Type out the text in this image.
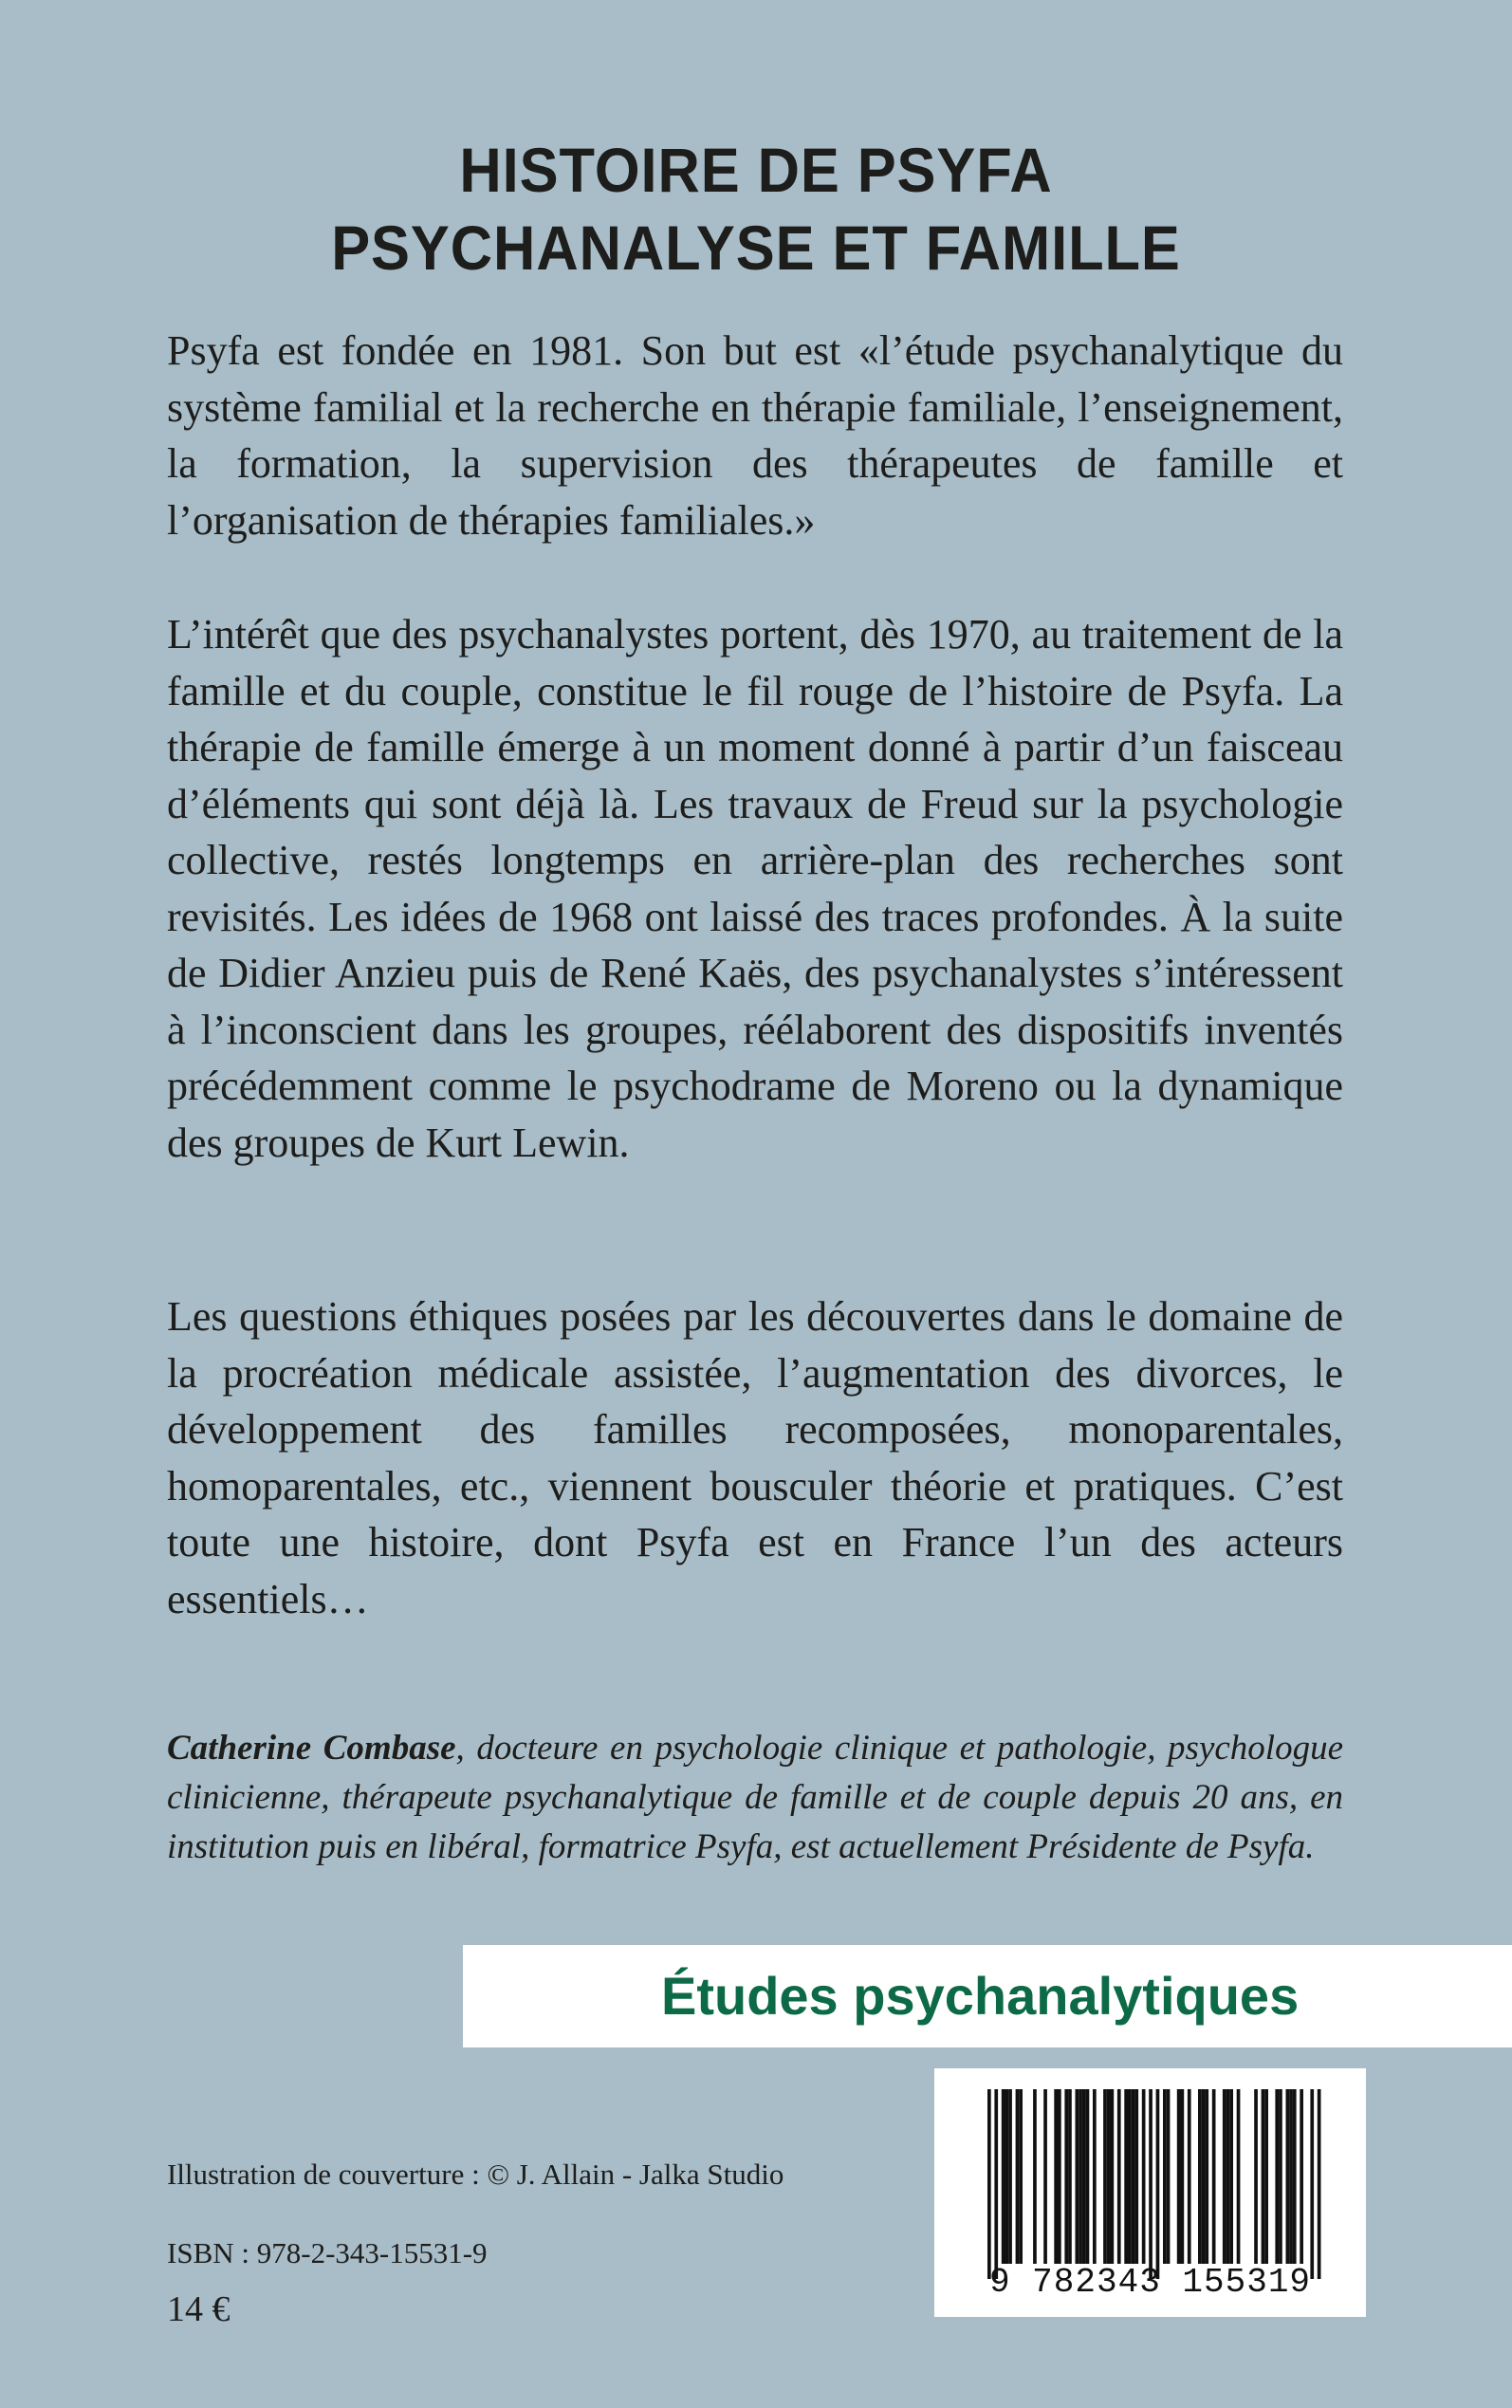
HISTOIRE DE PSYFA
PSYCHANALYSE ET FAMILLE

Psyfa est fondée en 1981. Son but est «l’étude psychanalytique du système familial et la recherche en thérapie familiale, l’enseignement, la formation, la supervision des thérapeutes de famille et l’organisation de thérapies familiales.»

L’intérêt que des psychanalystes portent, dès 1970, au traitement de la famille et du couple, constitue le fil rouge de l’histoire de Psyfa. La thérapie de famille émerge à un moment donné à partir d’un faisceau d’éléments qui sont déjà là. Les travaux de Freud sur la psychologie collective, restés longtemps en arrière-plan des recherches sont revisités. Les idées de 1968 ont laissé des traces profondes. À la suite de Didier Anzieu puis de René Kaës, des psychanalystes s’intéressent à l’inconscient dans les groupes, réélaborent des dispositifs inventés précédemment comme le psychodrame de Moreno ou la dynamique des groupes de Kurt Lewin.

Les questions éthiques posées par les découvertes dans le domaine de la procréation médicale assistée, l’augmentation des divorces, le développement des familles recomposées, monoparentales, homoparentales, etc., viennent bousculer théorie et pratiques. C’est toute une histoire, dont Psyfa est en France l’un des acteurs essentiels…

Catherine Combase, docteure en psychologie clinique et pathologie, psychologue clinicienne, thérapeute psychanalytique de famille et de couple depuis 20 ans, en institution puis en libéral, formatrice Psyfa, est actuellement Présidente de Psyfa.

Études psychanalytiques
Illustration de couverture : © J. Allain - Jalka Studio
ISBN : 978-2-343-15531-9
14 €
9 782343 155319
